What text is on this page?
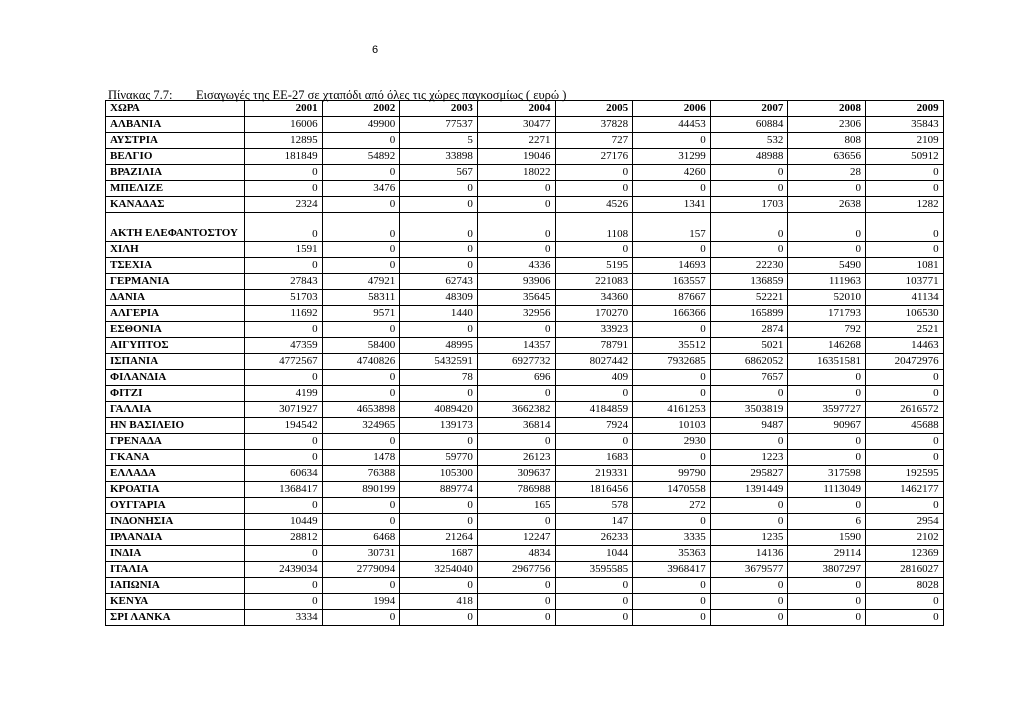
6
Πίνακας 7.7: Εισαγωγές της ΕΕ-27 σε χταπόδι από όλες τις χώρες παγκοσμίως ( ευρώ )
ΧΩΡΑ	2001	2002	2003	2004	2005	2006	2007	2008	2009
ΑΛΒΑΝΙΑ	16006	49900	77537	30477	37828	44453	60884	2306	35843
ΑΥΣΤΡΙΑ	12895	0	5	2271	727	0	532	808	2109
ΒΕΛΓΙΟ	181849	54892	33898	19046	27176	31299	48988	63656	50912
ΒΡΑΖΙΛΙΑ	0	0	567	18022	0	4260	0	28	0
ΜΠΕΛΙΖΕ	0	3476	0	0	0	0	0	0	0
ΚΑΝΑΔΑΣ	2324	0	0	0	4526	1341	1703	2638	1282
ΑΚΤΗ ΕΛΕΦΑΝΤΟΣΤΟΥ	0	0	0	0	1108	157	0	0	0
ΧΙΛΗ	1591	0	0	0	0	0	0	0	0
ΤΣΕΧΙΑ	0	0	0	4336	5195	14693	22230	5490	1081
ΓΕΡΜΑΝΙΑ	27843	47921	62743	93906	221083	163557	136859	111963	103771
ΔΑΝΙΑ	51703	58311	48309	35645	34360	87667	52221	52010	41134
ΑΛΓΕΡΙΑ	11692	9571	1440	32956	170270	166366	165899	171793	106530
ΕΣΘΟΝΙΑ	0	0	0	0	33923	0	2874	792	2521
ΑΙΓΥΠΤΟΣ	47359	58400	48995	14357	78791	35512	5021	146268	14463
ΙΣΠΑΝΙΑ	4772567	4740826	5432591	6927732	8027442	7932685	6862052	16351581	20472976
ΦΙΛΑΝΔΙΑ	0	0	78	696	409	0	7657	0	0
ΦΙΤΖΙ	4199	0	0	0	0	0	0	0	0
ΓΑΛΛΙΑ	3071927	4653898	4089420	3662382	4184859	4161253	3503819	3597727	2616572
ΗΝ ΒΑΣΙΛΕΙΟ	194542	324965	139173	36814	7924	10103	9487	90967	45688
ΓΡΕΝΑΔΑ	0	0	0	0	0	2930	0	0	0
ΓΚΑΝΑ	0	1478	59770	26123	1683	0	1223	0	0
ΕΛΛΑΔΑ	60634	76388	105300	309637	219331	99790	295827	317598	192595
ΚΡΟΑΤΙΑ	1368417	890199	889774	786988	1816456	1470558	1391449	1113049	1462177
ΟΥΓΓΑΡΙΑ	0	0	0	165	578	272	0	0	0
ΙΝΔΟΝΗΣΙΑ	10449	0	0	0	147	0	0	6	2954
ΙΡΛΑΝΔΙΑ	28812	6468	21264	12247	26233	3335	1235	1590	2102
ΙΝΔΙΑ	0	30731	1687	4834	1044	35363	14136	29114	12369
ΙΤΑΛΙΑ	2439034	2779094	3254040	2967756	3595585	3968417	3679577	3807297	2816027
ΙΑΠΩΝΙΑ	0	0	0	0	0	0	0	0	8028
ΚΕΝΥΑ	0	1994	418	0	0	0	0	0	0
ΣΡΙ ΛΑΝΚΑ	3334	0	0	0	0	0	0	0	0
